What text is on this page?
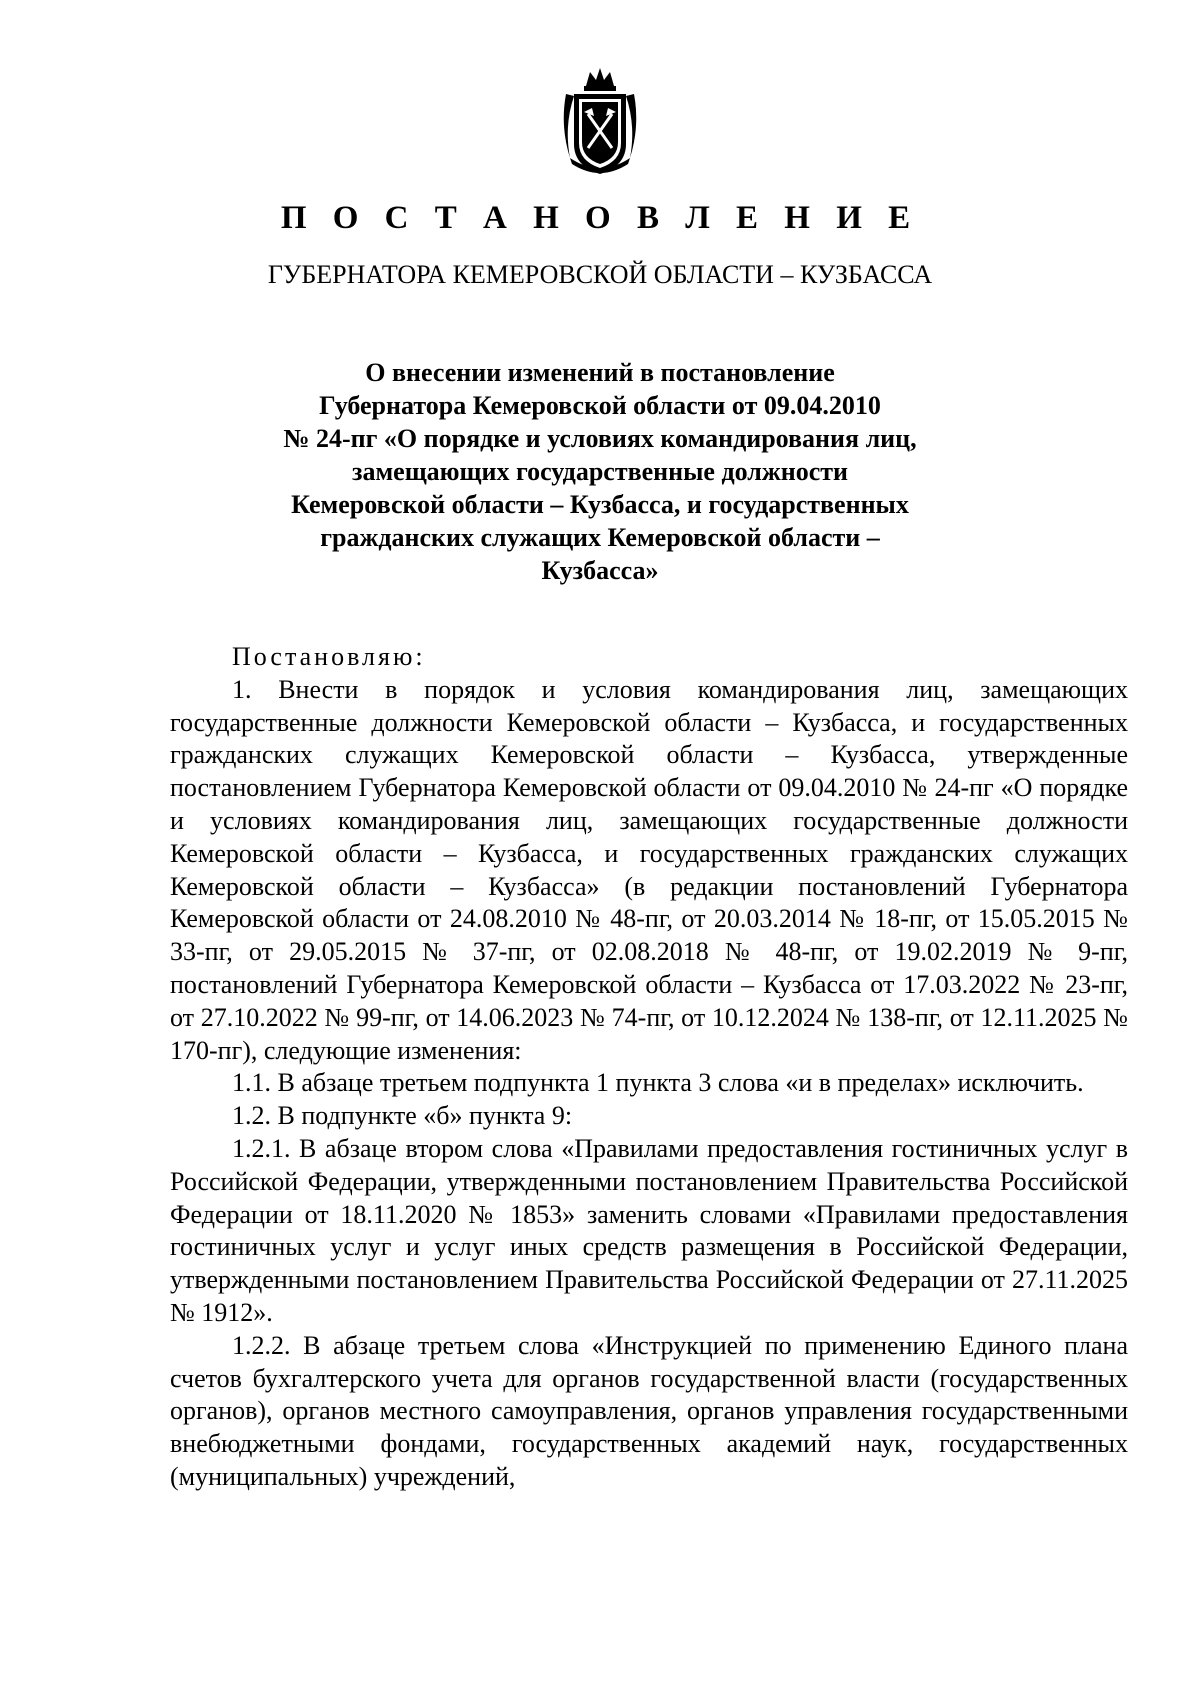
П О С Т А Н О В Л Е Н И Е

ГУБЕРНАТОРА КЕМЕРОВСКОЙ ОБЛАСТИ – КУЗБАССА

О внесении изменений в постановление
Губернатора Кемеровской области от 09.04.2010
№ 24-пг «О порядке и условиях командирования лиц,
замещающих государственные должности
Кемеровской области – Кузбасса, и государственных
гражданских служащих Кемеровской области –
Кузбасса»

Постановляю:

1. Внести в порядок и условия командирования лиц, замещающих государственные должности Кемеровской области – Кузбасса, и государственных гражданских служащих Кемеровской области – Кузбасса, утвержденные постановлением Губернатора Кемеровской области от 09.04.2010 № 24-пг «О порядке и условиях командирования лиц, замещающих государственные должности Кемеровской области – Кузбасса, и государственных гражданских служащих Кемеровской области – Кузбасса» (в редакции постановлений Губернатора Кемеровской области от 24.08.2010 № 48-пг, от 20.03.2014 № 18-пг, от 15.05.2015 № 33-пг, от 29.05.2015 № 37-пг, от 02.08.2018 № 48-пг, от 19.02.2019 № 9-пг, постановлений Губернатора Кемеровской области – Кузбасса от 17.03.2022 № 23-пг, от 27.10.2022 № 99-пг, от 14.06.2023 № 74-пг, от 10.12.2024 № 138-пг, от 12.11.2025 № 170-пг), следующие изменения:

1.1. В абзаце третьем подпункта 1 пункта 3 слова «и в пределах» исключить.

1.2. В подпункте «б» пункта 9:

1.2.1. В абзаце втором слова «Правилами предоставления гостиничных услуг в Российской Федерации, утвержденными постановлением Правительства Российской Федерации от 18.11.2020 № 1853» заменить словами «Правилами предоставления гостиничных услуг и услуг иных средств размещения в Российской Федерации, утвержденными постановлением Правительства Российской Федерации от 27.11.2025 № 1912».

1.2.2. В абзаце третьем слова «Инструкцией по применению Единого плана счетов бухгалтерского учета для органов государственной власти (государственных органов), органов местного самоуправления, органов управления государственными внебюджетными фондами, государственных академий наук, государственных (муниципальных) учреждений,
